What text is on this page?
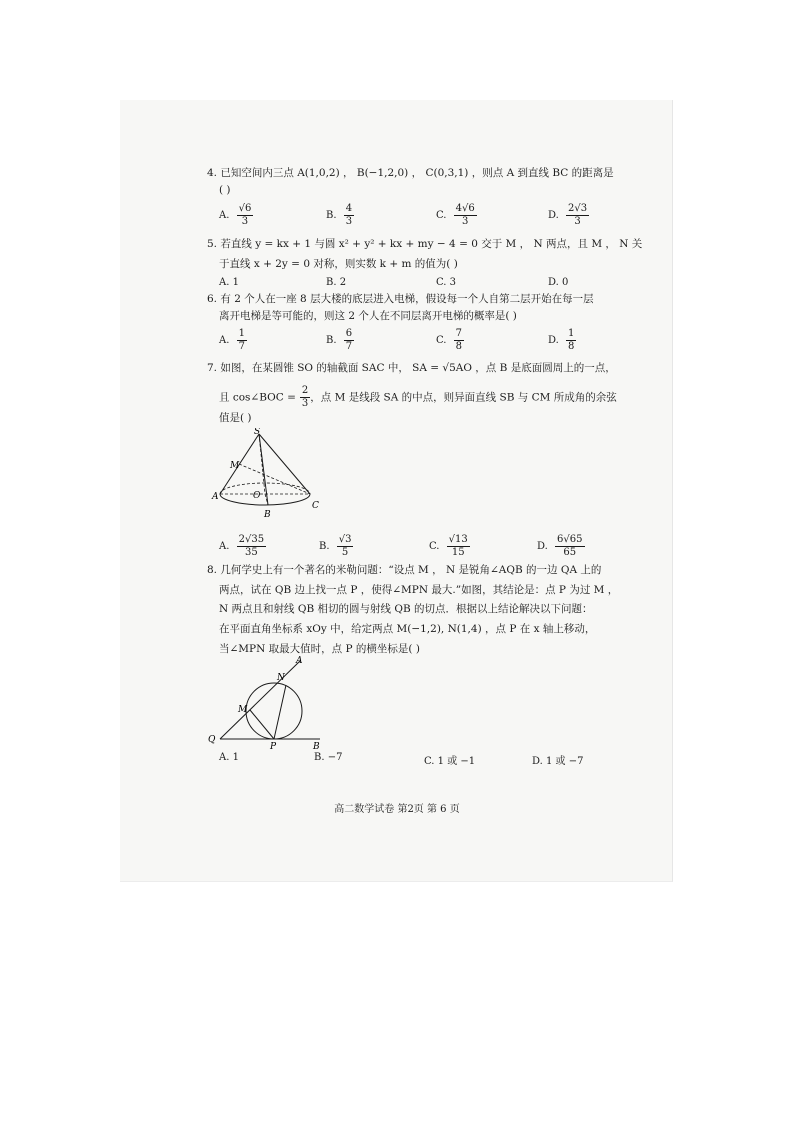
4. 已知空间内三点 A(1,0,2) ， B(−1,2,0) ， C(0,3,1) ，则点 A 到直线 BC 的距离是
( )
A. $\frac{√6}{3}$	B. $\frac{4}{3}$	C. $\frac{4√6}{3}$	D. $\frac{2√3}{3}$
5. 若直线 y = kx + 1 与圆 x² + y² + kx + my − 4 = 0 交于 M ， N 两点，且 M ， N 关
于直线 x + 2y = 0 对称，则实数 k + m 的值为( )
A. 1	B. 2	C. 3	D. 0
6. 有 2 个人在一座 8 层大楼的底层进入电梯，假设每一个人自第二层开始在每一层
离开电梯是等可能的，则这 2 个人在不同层离开电梯的概率是( )
A. $\frac{1}{7}$	B. $\frac{6}{7}$	C. $\frac{7}{8}$	D. $\frac{1}{8}$
7. 如图，在某圆锥 SO 的轴截面 SAC 中， SA = √5AO ，点 B 是底面圆周上的一点，
且 cos∠BOC = $\frac{2}{3}$ ，点 M 是线段 SA 的中点，则异面直线 SB 与 CM 所成角的余弦
值是( )
S
M
A	O
B
C
A. $\frac{2√35}{35}$	B. $\frac{√3}{5}$	C. $\frac{√13}{15}$	D. $\frac{6√65}{65}$
8. 几何学史上有一个著名的米勒问题：“设点 M ， N 是锐角∠AQB 的一边 QA 上的
两点，试在 QB 边上找一点 P ，使得∠MPN 最大.”如图，其结论是：点 P 为过 M ，
N 两点且和射线 QB 相切的圆与射线 QB 的切点．根据以上结论解决以下问题：
在平面直角坐标系 xOy 中，给定两点 M(−1,2), N(1,4) ，点 P 在 x 轴上移动，
当∠MPN 取最大值时，点 P 的横坐标是( )
A
N
M
Q
P	B
A. 1	B. −7	C. 1 或 −1	D. 1 或 −7
高二数学试卷 第2页 第 6 页
